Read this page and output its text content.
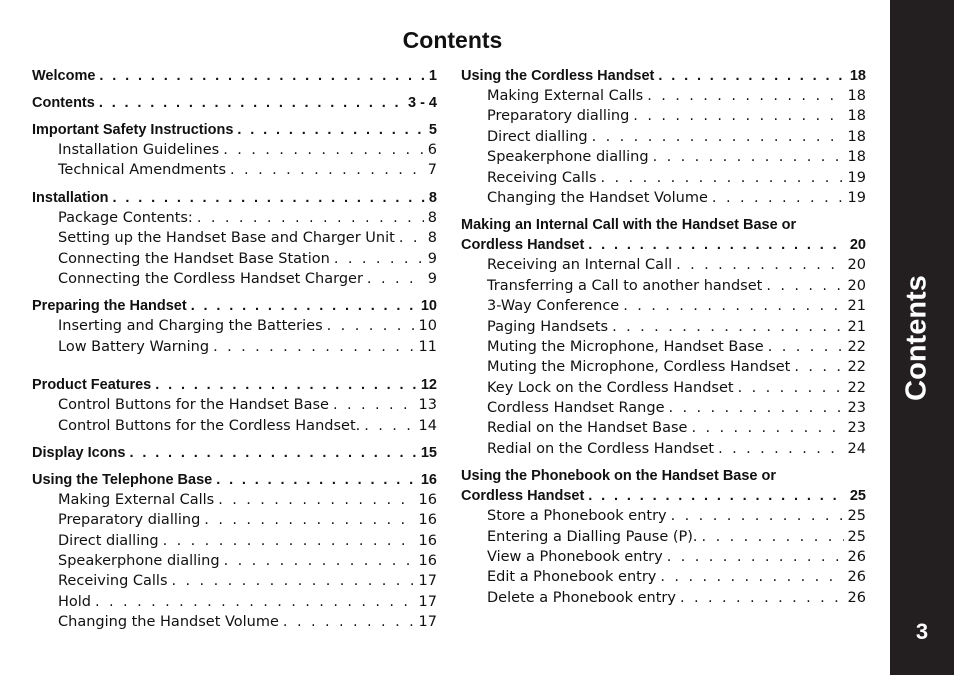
Contents
Welcome . . .	1
Contents . . .	3 - 4
Important Safety Instructions . . .	5
Installation Guidelines . . .	6
Technical Amendments . . .	7
Installation . . .	8
Package Contents: . . .	8
Setting up the Handset Base and Charger Unit . . . 8
Connecting the Handset Base Station . . .	9
Connecting the Cordless Handset Charger . . .	9
Preparing the Handset . . .	10
Inserting and Charging the Batteries . . .	10
Low Battery Warning . . .	11
Product Features . . .	12
Control Buttons for the Handset Base . . .	13
Control Buttons for the Cordless Handset. . . .	14
Display Icons . . .	15
Using the Telephone Base . . .	16
Making External Calls . . .	16
Preparatory dialling . . .	16
Direct dialling . . .	16
Speakerphone dialling . . .	16
Receiving Calls . . .	17
Hold . . .	17
Changing the Handset Volume . . .	17
Using the Cordless Handset . . .	18
Making External Calls . . .	18
Preparatory dialling . . .	18
Direct dialling . . .	18
Speakerphone dialling . . .	18
Receiving Calls . . .	19
Changing the Handset Volume . . .	19
Making an Internal Call with the Handset Base or
Cordless Handset . . .	20
Receiving an Internal Call . . .	20
Transferring a Call to another handset . . .	20
3-Way Conference . . .	21
Paging Handsets . . .	21
Muting the Microphone, Handset Base . . .	22
Muting the Microphone, Cordless Handset . . .	22
Key Lock on the Cordless Handset . . .	22
Cordless Handset Range . . .	23
Redial on the Handset Base . . .	23
Redial on the Cordless Handset . . .	24
Using the Phonebook on the Handset Base or
Cordless Handset . . .	25
Store a Phonebook entry . . .	25
Entering a Dialling Pause (P). . . .	25
View a Phonebook entry . . .	26
Edit a Phonebook entry . . .	26
Delete a Phonebook entry . . .	26
Contents
3
